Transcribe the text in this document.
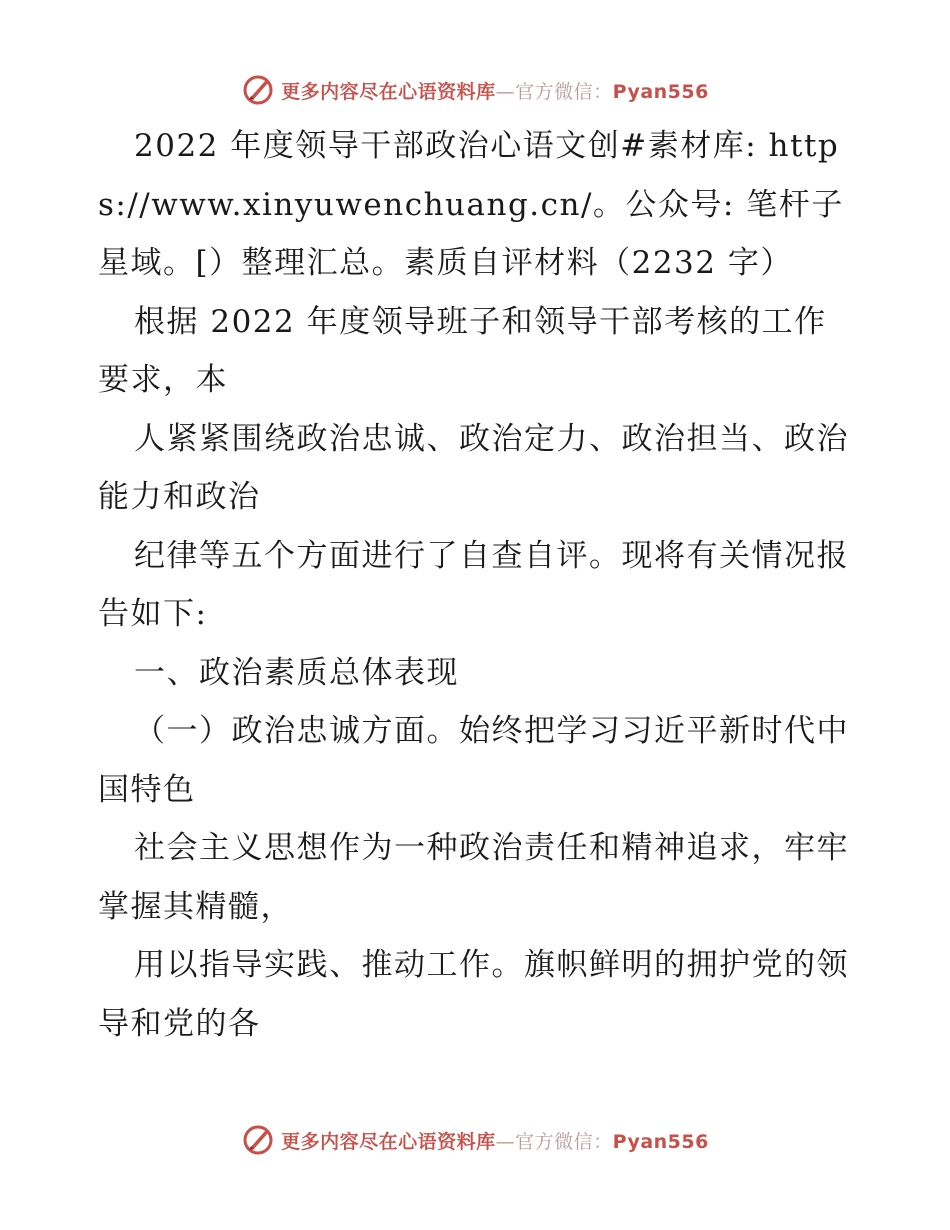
更多内容尽在心语资料库—官方微信：Pyan556

2022 年度领导干部政治心语文创#素材库: https://www.xinyuwenchuang.cn/。公众号: 笔杆子星域。[）整理汇总。素质自评材料（2232 字）

根据 2022 年度领导班子和领导干部考核的工作要求，本

人紧紧围绕政治忠诚、政治定力、政治担当、政治能力和政治

纪律等五个方面进行了自查自评。现将有关情况报告如下:

一、政治素质总体表现

（一）政治忠诚方面。始终把学习习近平新时代中国特色

社会主义思想作为一种政治责任和精神追求，牢牢掌握其精髓，

用以指导实践、推动工作。旗帜鲜明的拥护党的领导和党的各

更多内容尽在心语资料库—官方微信：Pyan556
